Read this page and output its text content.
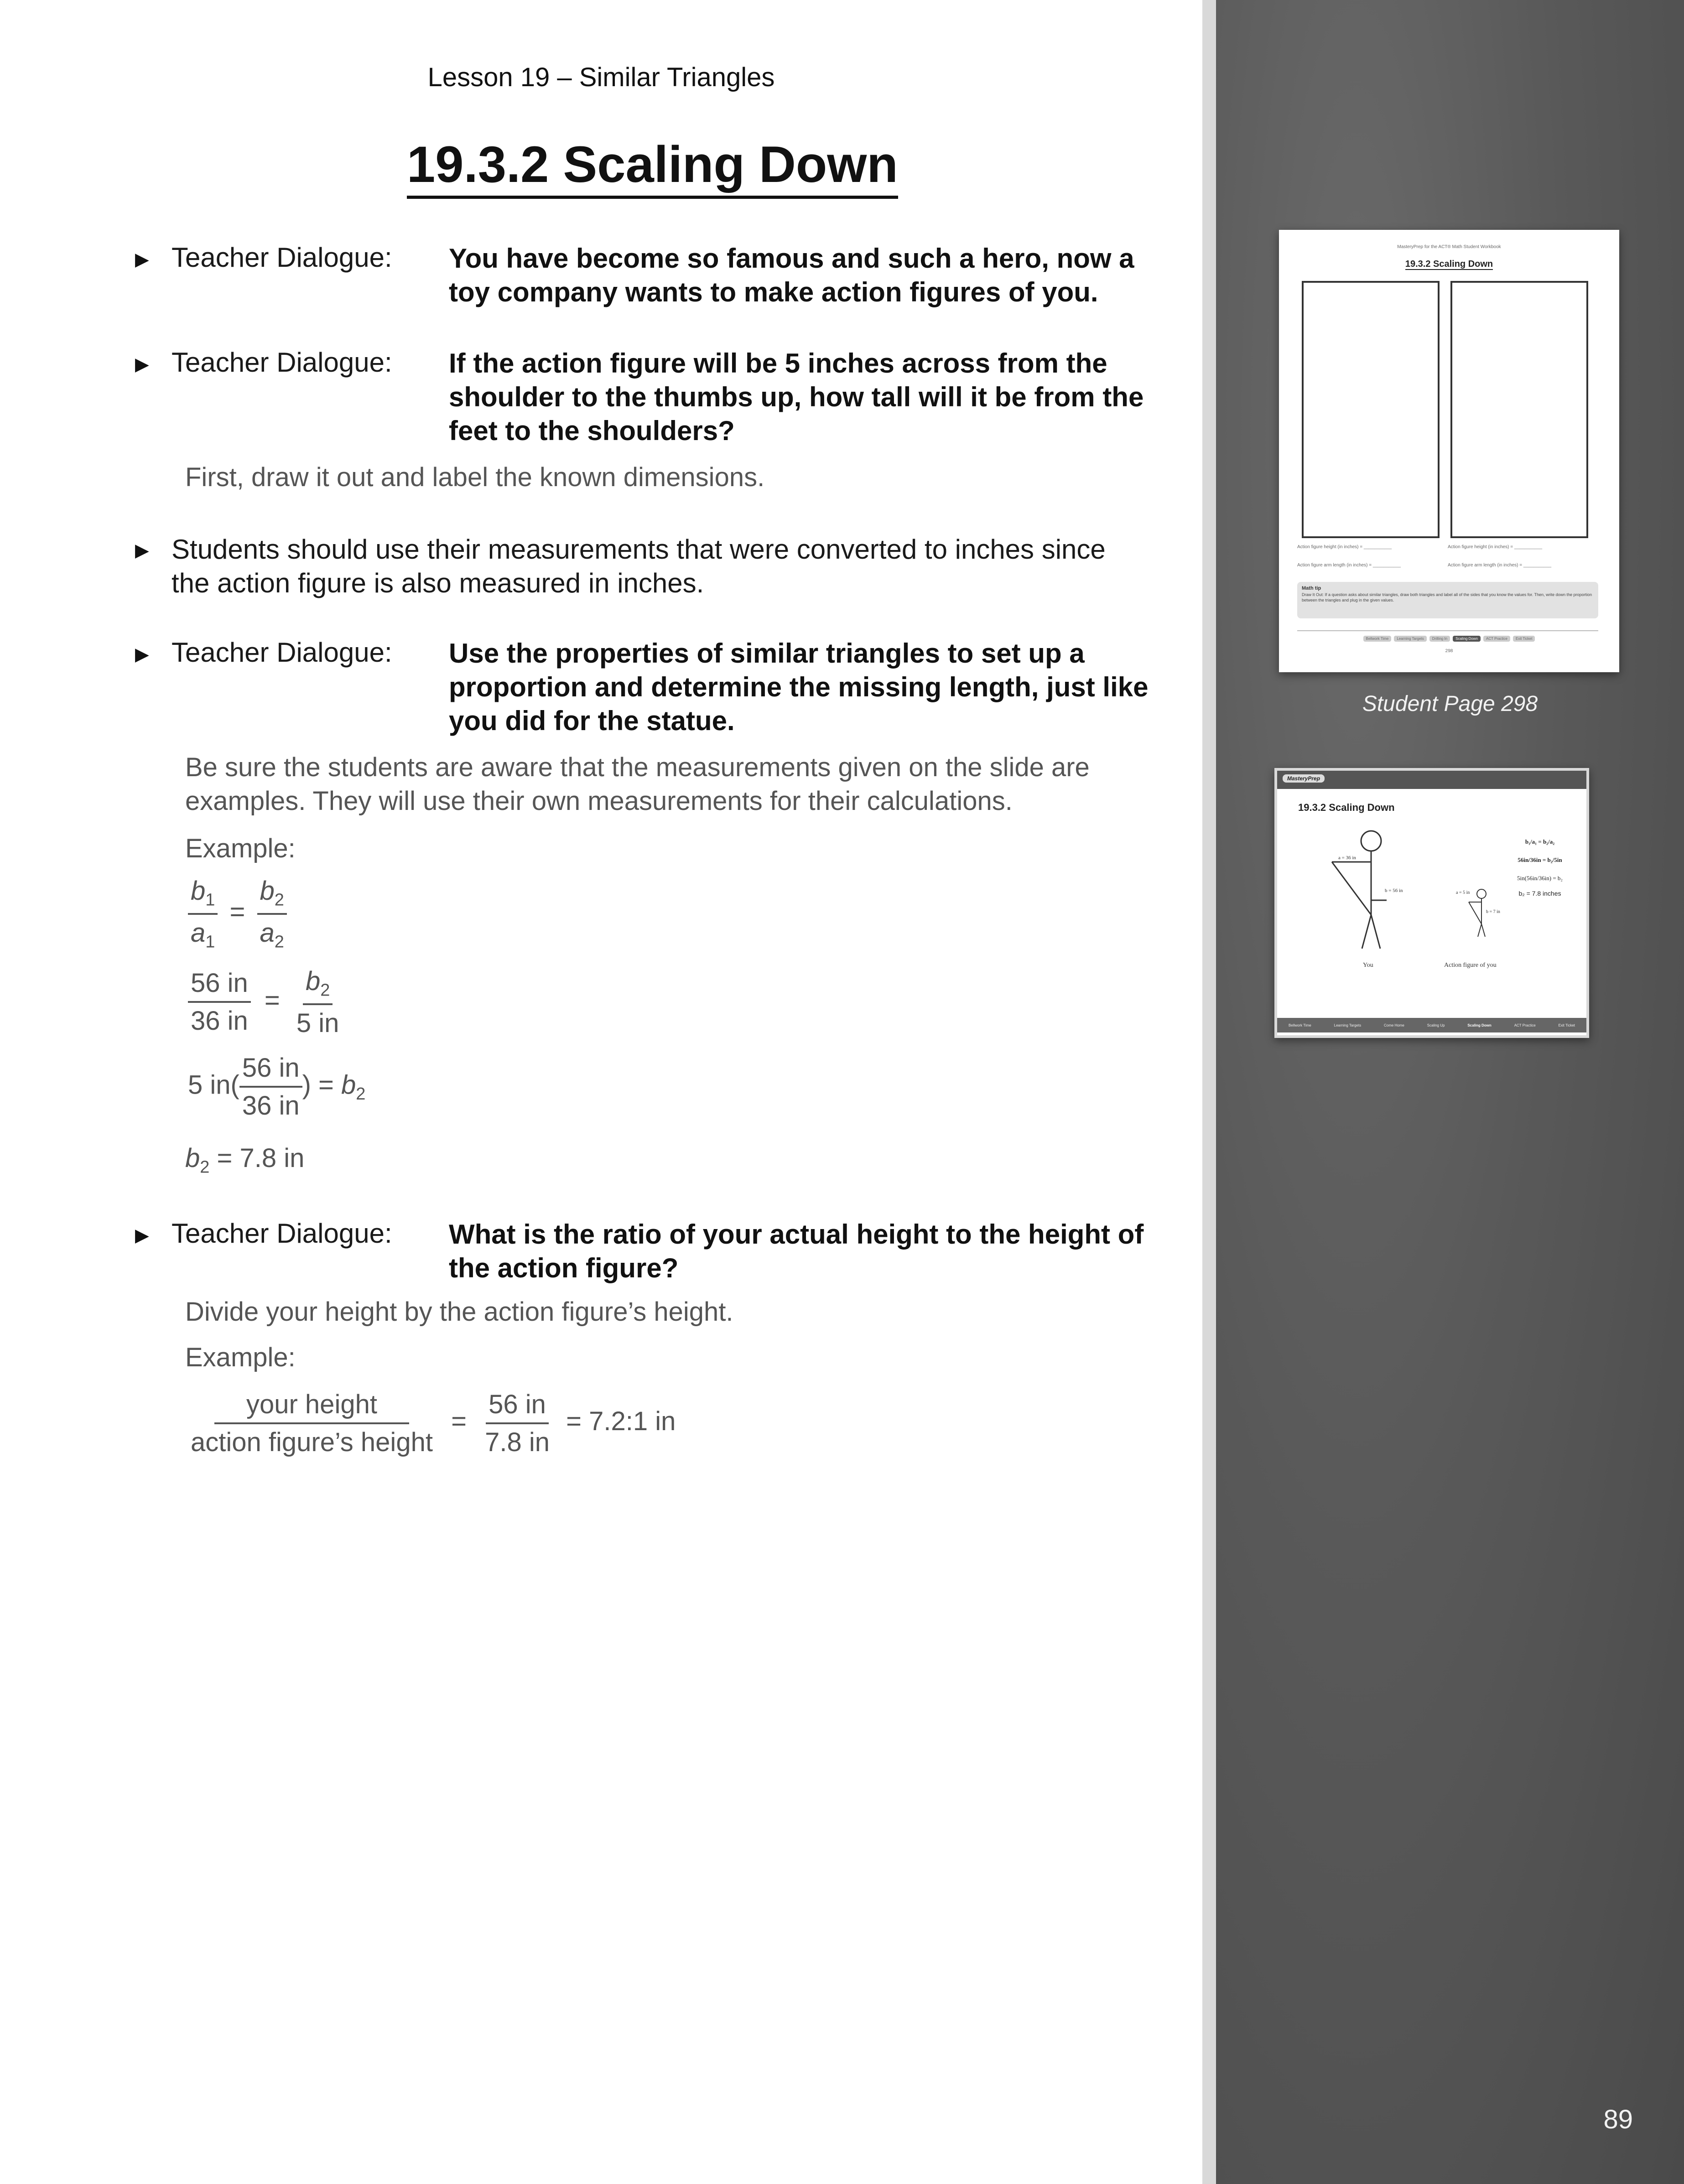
Lesson 19 – Similar Triangles
19.3.2 Scaling Down
▶ Teacher Dialogue: You have become so famous and such a hero, now a
toy company wants to make action figures of you.
▶ Teacher Dialogue: If the action figure will be 5 inches across from the
shoulder to the thumbs up, how tall will it be from the
feet to the shoulders?
First, draw it out and label the known dimensions.
▶ Students should use their measurements that were converted to inches since
the action figure is also measured in inches.
▶ Teacher Dialogue: Use the properties of similar triangles to set up a
proportion and determine the missing length, just like
you did for the statue.
Be sure the students are aware that the measurements given on the slide are
examples. They will use their own measurements for their calculations.
Example:
$\frac{b_1}{a_1} = \frac{b_2}{a_2}$
$\frac{56 in}{36 in} = \frac{b_2}{5 in}$
5 $in( \frac{56 in}{36 in}$ ) = $b_2$
$b_2 = 7.8$ in
▶ Teacher Dialogue: What is the ratio of your actual height to the height of
the action figure?
Divide your height by the action figure’s height.
Example:
$\frac{\text{your height}}{\text{action figure’s height}} = \frac{56 in}{7.8 in}$ = 7.2:1 in
MasteryPrep for the ACT® Math Student Workbook
19.3.2 Scaling Down
Action figure height (in inches) = ___________
Action figure arm length (in inches) = ___________
Action figure height (in inches) = ___________
Action figure arm length (in inches) = ___________
Math tip
Draw It Out: If a question asks about similar triangles, draw both triangles and label all of the sides that you know the values for. Then, write down the proportion between the triangles and plug in the given values.
Bellwork Time	Learning Targets	Drilling In	Scaling Down	ACT Practice	Exit Ticket
298
Student Page 298
MasteryPrep
19.3.2 Scaling Down
a = 36 in
b = 56 in	a = 5 in
b = 7 in
You	Action figure of you
b₁/a₁ = b₂/a₂
56in/36in = b₂/5in
5in(56in/36in) = b₂
b₂ = 7.8 inches
Bellwork Time	Learning Targets	Come Home	Scaling Up	Scaling Down	ACT Practice	Exit Ticket
89
